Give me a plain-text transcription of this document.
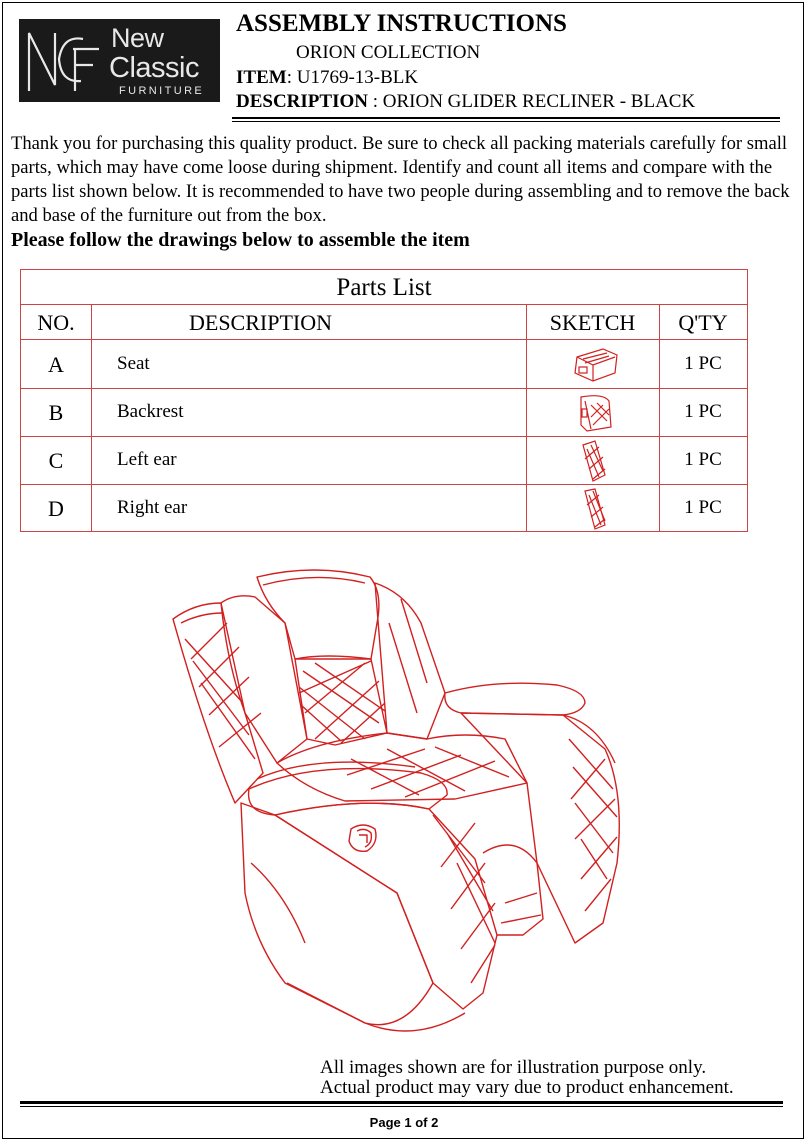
New
Classic
FURNITURE
ASSEMBLY INSTRUCTIONS
ORION COLLECTION
ITEM: U1769-13-BLK
DESCRIPTION : ORION GLIDER RECLINER - BLACK
Thank you for purchasing this quality product. Be sure to check all packing materials carefully for small parts, which may have come loose during shipment. Identify and count all items and compare with the parts list shown below. It is recommended to have two people during assembling and to remove the back and base of the furniture out from the box.
Please follow the drawings below to assemble the item
Parts List
NO.	DESCRIPTION	SKETCH	Q'TY
A	Seat	1 PC
B	Backrest	1 PC
C	Left ear	1 PC
D	Right ear	1 PC
All images shown are for illustration purpose only.
Actual product may vary due to product enhancement.
Page 1 of 2
